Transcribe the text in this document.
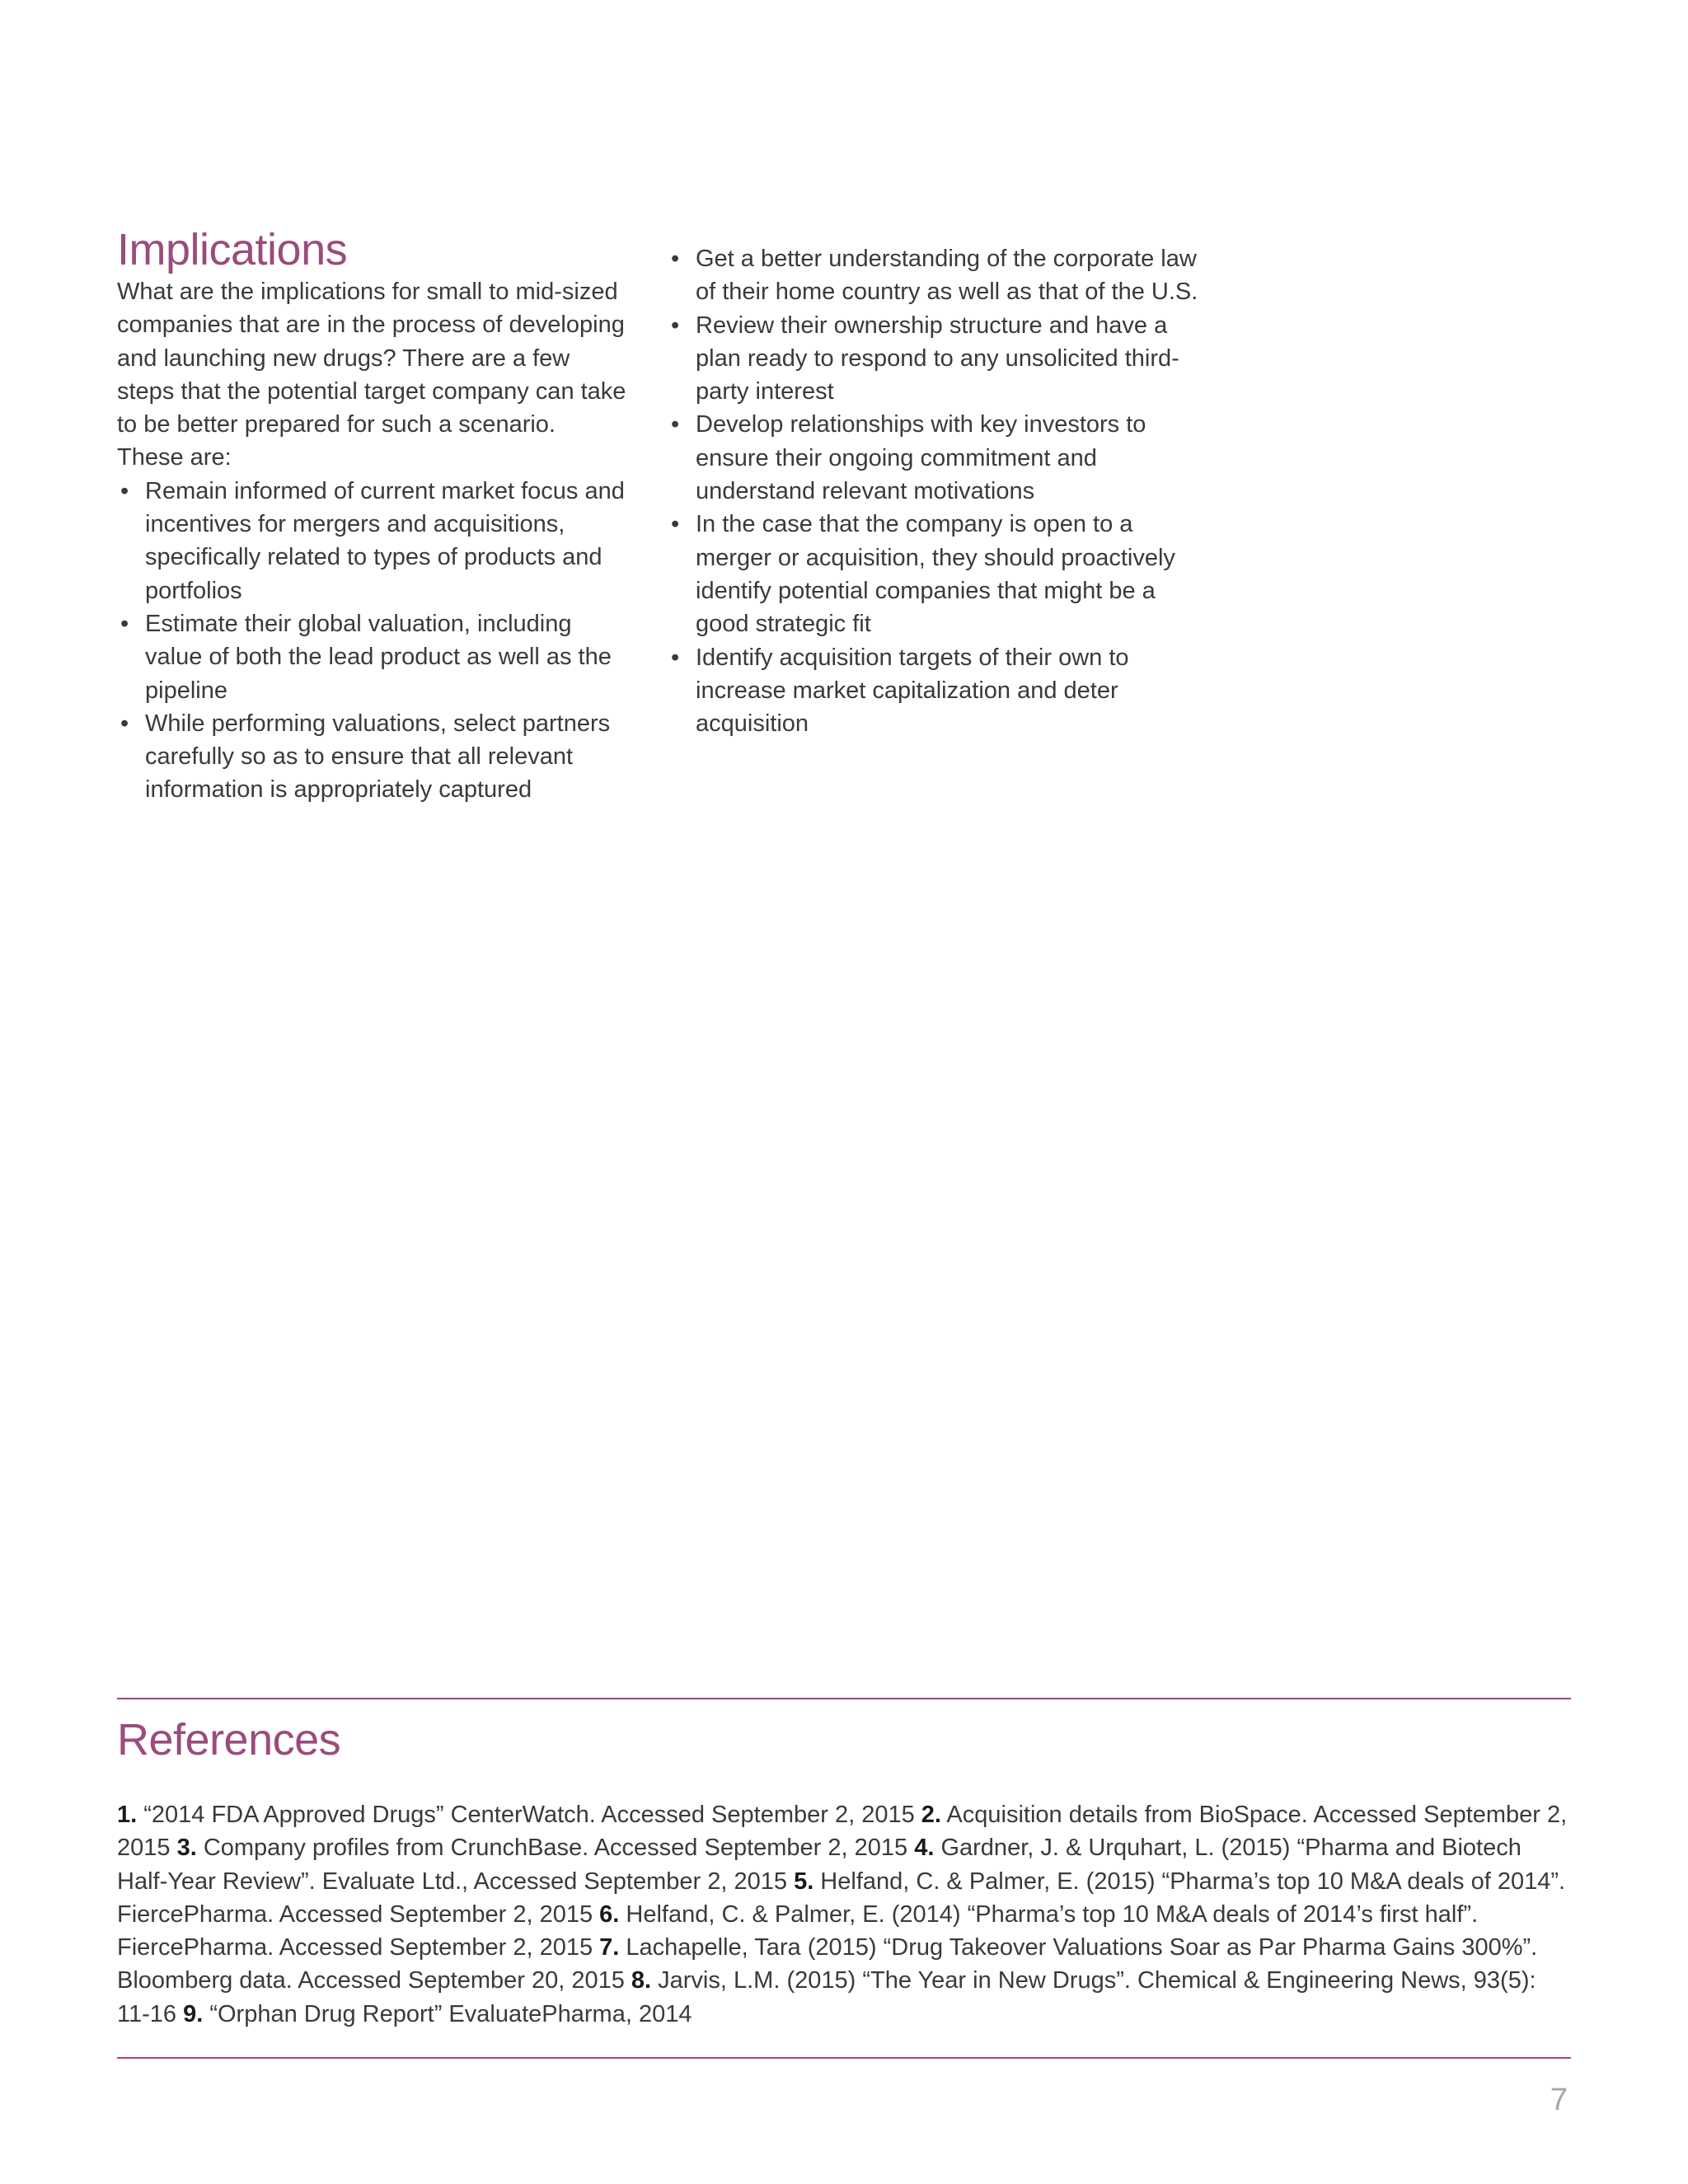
Implications

What are the implications for small to mid-sized companies that are in the process of developing and launching new drugs? There are a few steps that the potential target company can take to be better prepared for such a scenario. These are:

• Remain informed of current market focus and incentives for mergers and acquisitions, specifically related to types of products and portfolios
• Estimate their global valuation, including value of both the lead product as well as the pipeline
• While performing valuations, select partners carefully so as to ensure that all relevant information is appropriately captured
• Get a better understanding of the corporate law of their home country as well as that of the U.S.
• Review their ownership structure and have a plan ready to respond to any unsolicited third-party interest
• Develop relationships with key investors to ensure their ongoing commitment and understand relevant motivations
• In the case that the company is open to a merger or acquisition, they should proactively identify potential companies that might be a good strategic fit
• Identify acquisition targets of their own to increase market capitalization and deter acquisition
References
1. “2014 FDA Approved Drugs” CenterWatch. Accessed September 2, 2015 2. Acquisition details from BioSpace. Accessed September 2, 2015 3. Company profiles from CrunchBase. Accessed September 2, 2015 4. Gardner, J. & Urquhart, L. (2015) “Pharma and Biotech Half-Year Review”. Evaluate Ltd., Accessed September 2, 2015 5. Helfand, C. & Palmer, E. (2015) “Pharma’s top 10 M&A deals of 2014”. FiercePharma. Accessed September 2, 2015 6. Helfand, C. & Palmer, E. (2014) “Pharma’s top 10 M&A deals of 2014’s first half”. FiercePharma. Accessed September 2, 2015 7. Lachapelle, Tara (2015) “Drug Takeover Valuations Soar as Par Pharma Gains 300%”. Bloomberg data. Accessed September 20, 2015 8. Jarvis, L.M. (2015) “The Year in New Drugs”. Chemical & Engineering News, 93(5): 11-16 9. “Orphan Drug Report” EvaluatePharma, 2014
7
